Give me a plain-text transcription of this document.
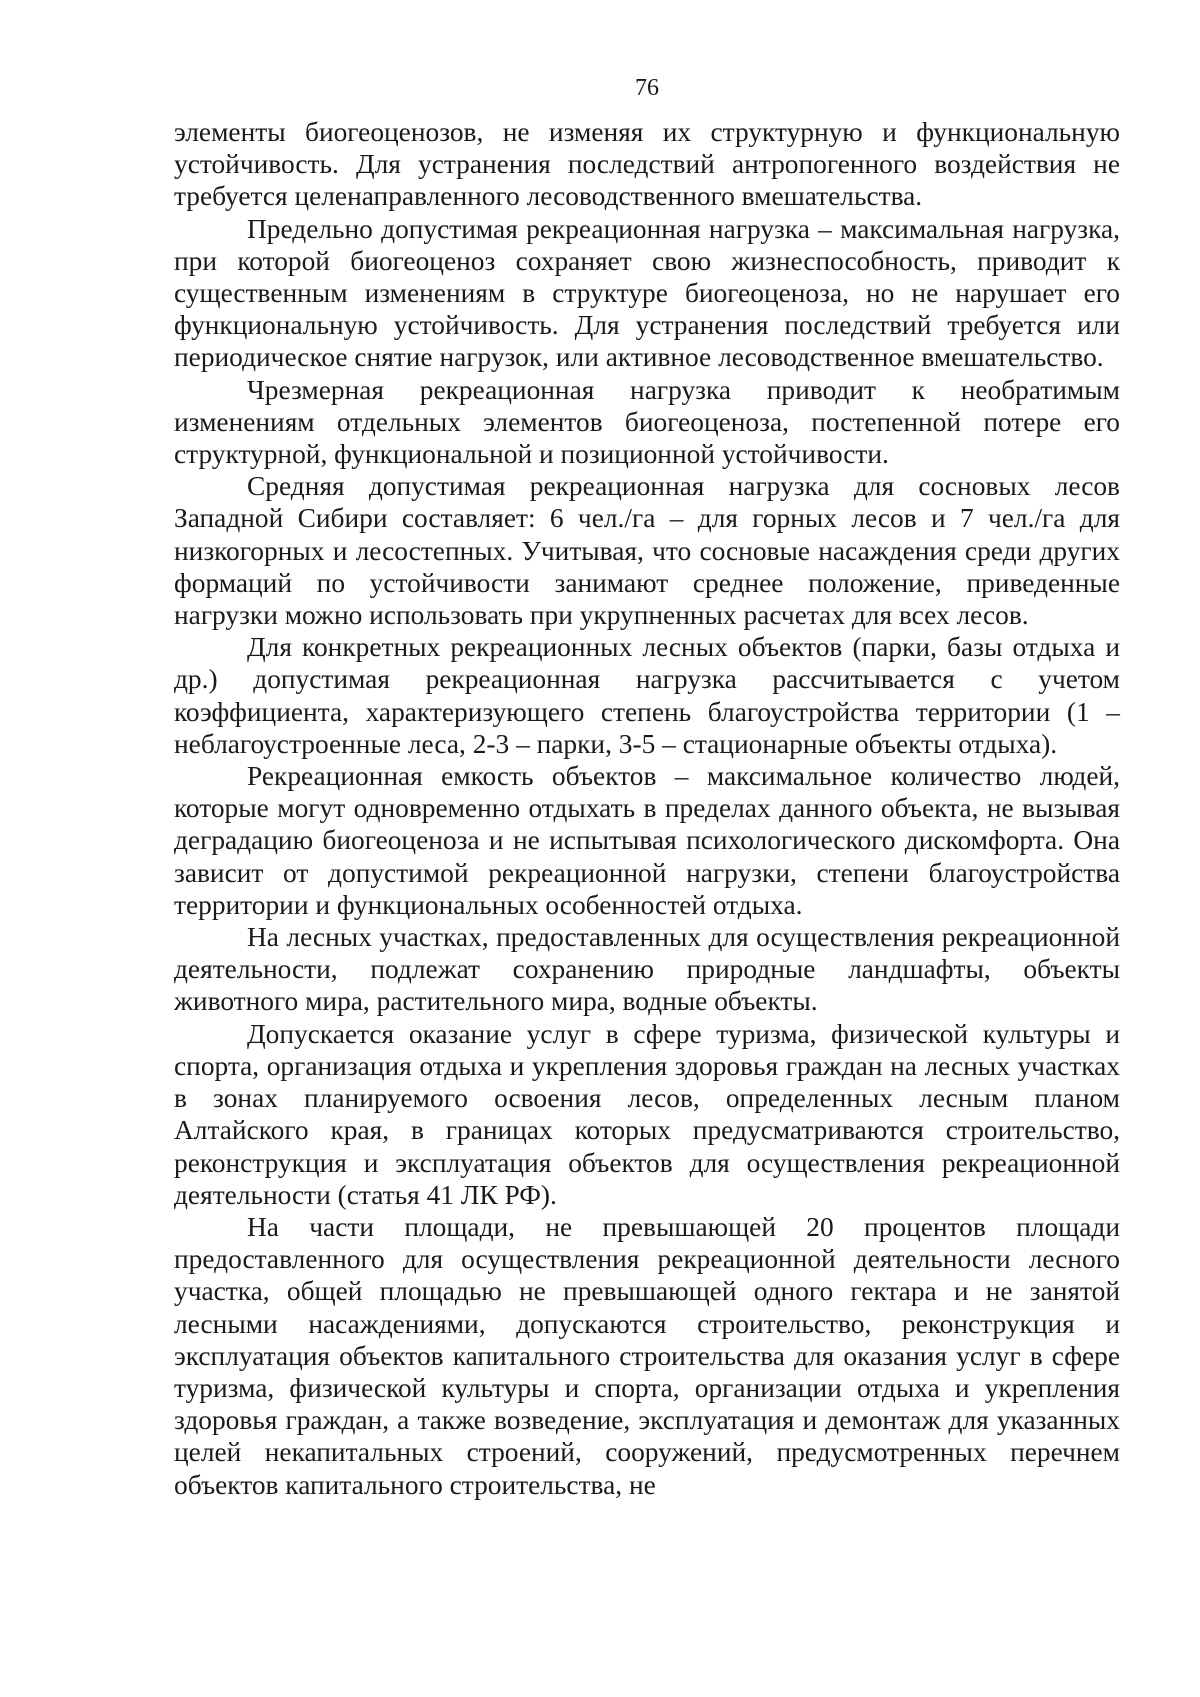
76

элементы биогеоценозов, не изменяя их структурную и функциональную устойчивость. Для устранения последствий антропогенного воздействия не требуется целенаправленного лесоводственного вмешательства.

Предельно допустимая рекреационная нагрузка – максимальная нагрузка, при которой биогеоценоз сохраняет свою жизнеспособность, приводит к существенным изменениям в структуре биогеоценоза, но не нарушает его функциональную устойчивость. Для устранения последствий требуется или периодическое снятие нагрузок, или активное лесоводственное вмешательство.

Чрезмерная рекреационная нагрузка приводит к необратимым изменениям отдельных элементов биогеоценоза, постепенной потере его структурной, функциональной и позиционной устойчивости.

Средняя допустимая рекреационная нагрузка для сосновых лесов Западной Сибири составляет: 6 чел./га – для горных лесов и 7 чел./га для низкогорных и лесостепных. Учитывая, что сосновые насаждения среди других формаций по устойчивости занимают среднее положение, приведенные нагрузки можно использовать при укрупненных расчетах для всех лесов.

Для конкретных рекреационных лесных объектов (парки, базы отдыха и др.) допустимая рекреационная нагрузка рассчитывается с учетом коэффициента, характеризующего степень благоустройства территории (1 – неблагоустроенные леса, 2-3 – парки, 3-5 – стационарные объекты отдыха).

Рекреационная емкость объектов – максимальное количество людей, которые могут одновременно отдыхать в пределах данного объекта, не вызывая деградацию биогеоценоза и не испытывая психологического дискомфорта. Она зависит от допустимой рекреационной нагрузки, степени благоустройства территории и функциональных особенностей отдыха.

На лесных участках, предоставленных для осуществления рекреационной деятельности, подлежат сохранению природные ландшафты, объекты животного мира, растительного мира, водные объекты.

Допускается оказание услуг в сфере туризма, физической культуры и спорта, организация отдыха и укрепления здоровья граждан на лесных участках в зонах планируемого освоения лесов, определенных лесным планом Алтайского края, в границах которых предусматриваются строительство, реконструкция и эксплуатация объектов для осуществления рекреационной деятельности (статья 41 ЛК РФ).

На части площади, не превышающей 20 процентов площади предоставленного для осуществления рекреационной деятельности лесного участка, общей площадью не превышающей одного гектара и не занятой лесными насаждениями, допускаются строительство, реконструкция и эксплуатация объектов капитального строительства для оказания услуг в сфере туризма, физической культуры и спорта, организации отдыха и укрепления здоровья граждан, а также возведение, эксплуатация и демонтаж для указанных целей некапитальных строений, сооружений, предусмотренных перечнем объектов капитального строительства, не
